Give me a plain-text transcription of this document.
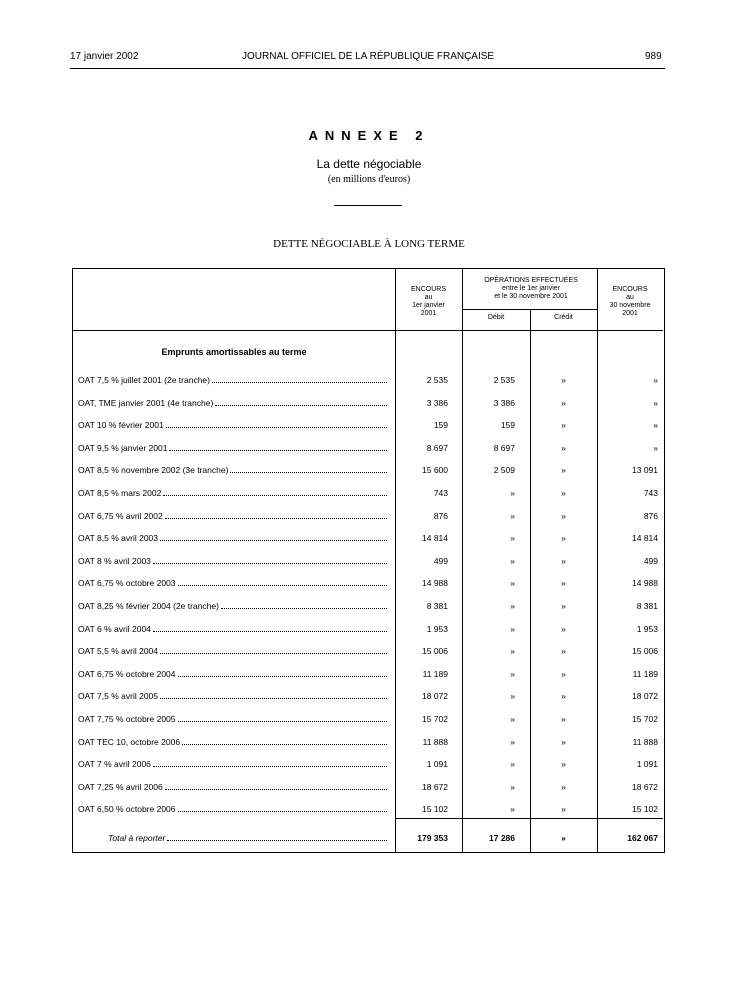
17 janvier 2002	JOURNAL OFFICIEL DE LA RÉPUBLIQUE FRANÇAISE	989
ANNEXE 2
La dette négociable
(en millions d'euros)
DETTE NÉGOCIABLE À LONG TERME
ENCOURS
au
1er janvier
2001
OPÉRATIONS EFFECTUÉES
entre le 1er janvier
et le 30 novembre 2001
Débit	Crédit
ENCOURS
au
30 novembre
2001
Emprunts amortissables au terme
OAT 7,5 % juillet 2001 (2e tranche)	2 535	2 535	»	»
OAT, TME janvier 2001 (4e tranche)	3 386	3 386	»	»
OAT 10 % février 2001	159	159	»	»
OAT 9,5 % janvier 2001	8 697	8 697	»	»
OAT 8,5 % novembre 2002 (3e tranche)	15 600	2 509	»	13 091
OAT 8,5 % mars 2002	743	»	»	743
OAT 6,75 % avril 2002	876	»	»	876
OAT 8,5 % avril 2003	14 814	»	»	14 814
OAT 8 % avril 2003	499	»	»	499
OAT 6,75 % octobre 2003	14 988	»	»	14 988
OAT 8,25 % février 2004 (2e tranche)	8 381	»	»	8 381
OAT 6 % avril 2004	1 953	»	»	1 953
OAT 5,5 % avril 2004	15 006	»	»	15 006
OAT 6,75 % octobre 2004	11 189	»	»	11 189
OAT 7,5 % avril 2005	18 072	»	»	18 072
OAT 7,75 % octobre 2005	15 702	»	»	15 702
OAT TEC 10, octobre 2006	11 888	»	»	11 888
OAT 7 % avril 2006	1 091	»	»	1 091
OAT 7,25 % avril 2006	18 672	»	»	18 672
OAT 6,50 % octobre 2006	15 102	»	»	15 102
Total à reporter	179 353	17 286	»	162 067
